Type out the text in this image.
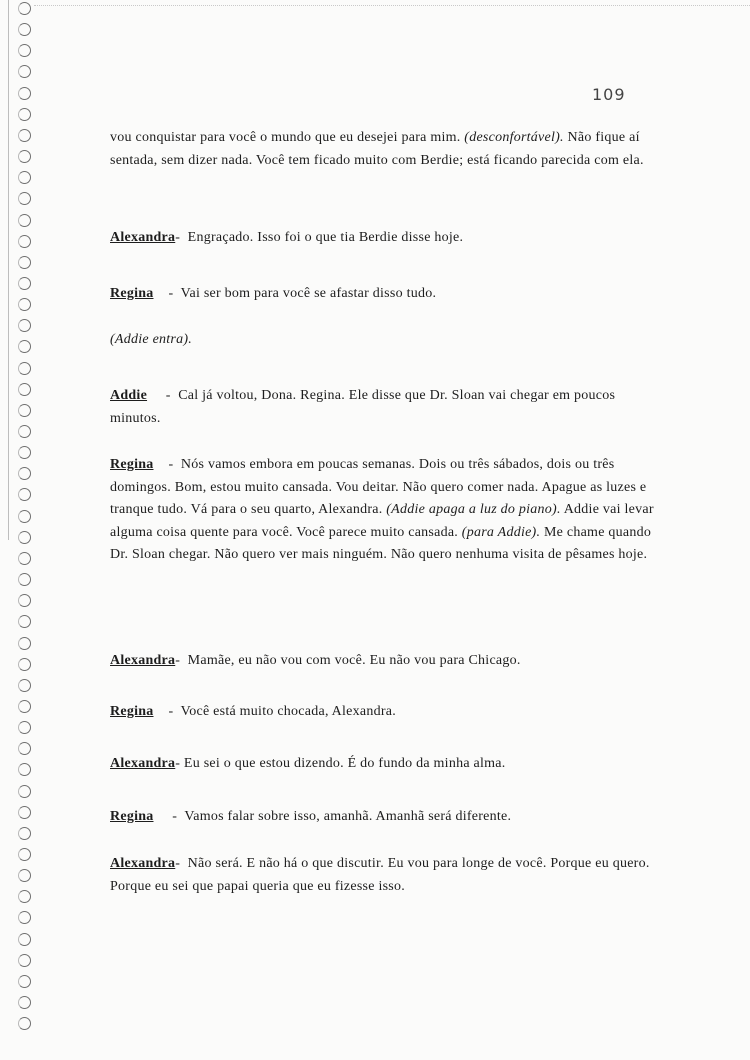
109

vou conquistar para você o mundo que eu desejei para mim. (desconfortável). Não fique aí sentada, sem dizer nada. Você tem ficado muito com Berdie; está ficando parecida com ela.

Alexandra-  Engraçado. Isso foi o que tia Berdie disse hoje.

Regina    -  Vai ser bom para você se afastar disso tudo.

(Addie entra).

Addie     -  Cal já voltou, Dona. Regina. Ele disse que Dr. Sloan vai chegar em poucos minutos.

Regina    -  Nós vamos embora em poucas semanas. Dois ou três sábados, dois ou três domingos. Bom, estou muito cansada. Vou deitar. Não quero comer nada. Apague as luzes e tranque tudo. Vá para o seu quarto, Alexandra. (Addie apaga a luz do piano). Addie vai levar alguma coisa quente para você. Você parece muito cansada. (para Addie). Me chame quando Dr. Sloan chegar. Não quero ver mais ninguém. Não quero nenhuma visita de pêsames hoje.

Alexandra-  Mamãe, eu não vou com você. Eu não vou para Chicago.

Regina    -  Você está muito chocada, Alexandra.

Alexandra- Eu sei o que estou dizendo. É do fundo da minha alma.

Regina     -  Vamos falar sobre isso, amanhã. Amanhã será diferente.

Alexandra-  Não será. E não há o que discutir. Eu vou para longe de você. Porque eu quero. Porque eu sei que papai queria que eu fizesse isso.
